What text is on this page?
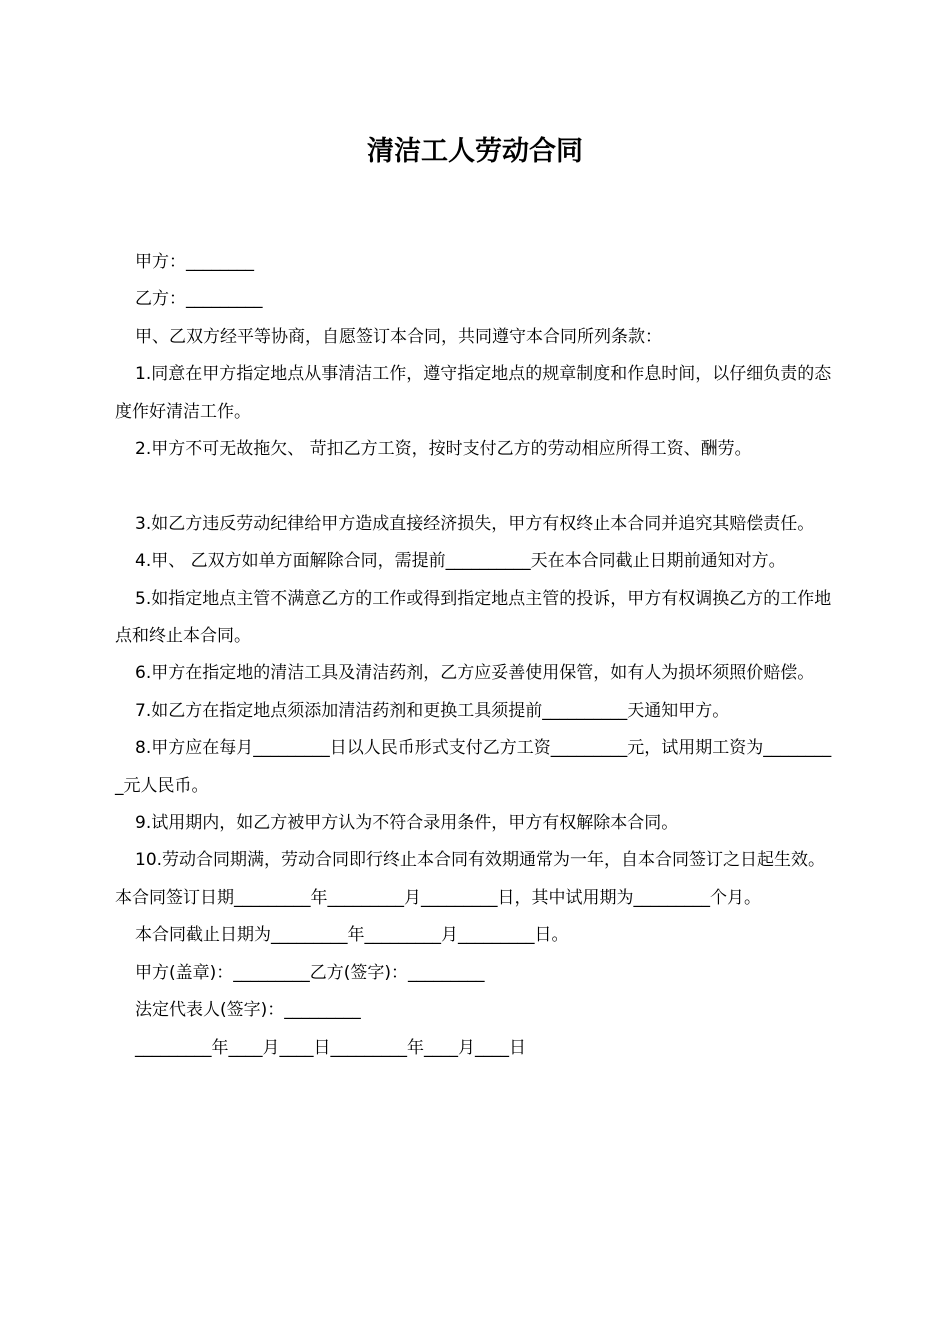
清洁工人劳动合同

甲方：________

乙方：_________

甲、乙双方经平等协商，自愿签订本合同，共同遵守本合同所列条款：

1.同意在甲方指定地点从事清洁工作，遵守指定地点的规章制度和作息时间，以仔细负责的态度作好清洁工作。

2.甲方不可无故拖欠、 苛扣乙方工资，按时支付乙方的劳动相应所得工资、酬劳。

3.如乙方违反劳动纪律给甲方造成直接经济损失，甲方有权终止本合同并追究其赔偿责任。

4.甲、 乙双方如单方面解除合同，需提前__________天在本合同截止日期前通知对方。

5.如指定地点主管不满意乙方的工作或得到指定地点主管的投诉，甲方有权调换乙方的工作地点和终止本合同。

6.甲方在指定地的清洁工具及清洁药剂，乙方应妥善使用保管，如有人为损坏须照价赔偿。

7.如乙方在指定地点须添加清洁药剂和更换工具须提前__________天通知甲方。

8.甲方应在每月_________日以人民币形式支付乙方工资_________元，试用期工资为_________元人民币。

9.试用期内，如乙方被甲方认为不符合录用条件，甲方有权解除本合同。

10.劳动合同期满，劳动合同即行终止本合同有效期通常为一年，自本合同签订之日起生效。本合同签订日期_________年_________月_________日，其中试用期为_________个月。

本合同截止日期为_________年_________月_________日。

甲方(盖章)：_________乙方(签字)：_________

法定代表人(签字)：_________

_________年____月____日_________年____月____日
